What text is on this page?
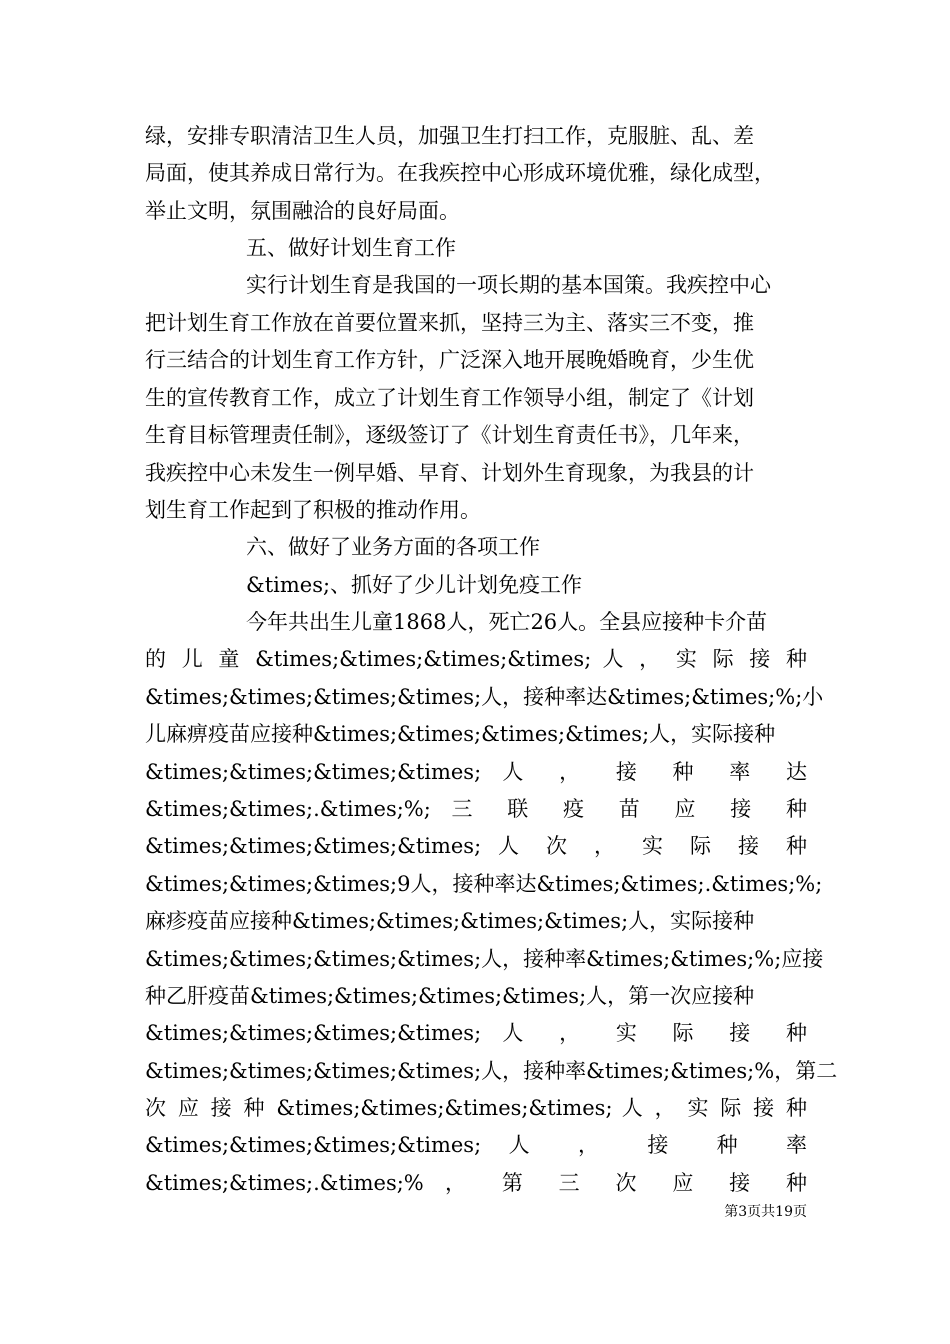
绿，安排专职清洁卫生人员，加强卫生打扫工作，克服脏、乱、差
局面，使其养成日常行为。在我疾控中心形成环境优雅，绿化成型，
举止文明，氛围融洽的良好局面。
五、做好计划生育工作
实行计划生育是我国的一项长期的基本国策。我疾控中心
把计划生育工作放在首要位置来抓，坚持三为主、落实三不变，推
行三结合的计划生育工作方针，广泛深入地开展晚婚晚育，少生优
生的宣传教育工作，成立了计划生育工作领导小组，制定了《计划
生育目标管理责任制》，逐级签订了《计划生育责任书》，几年来，
我疾控中心未发生一例早婚、早育、计划外生育现象，为我县的计
划生育工作起到了积极的推动作用。
六、做好了业务方面的各项工作
&times;、抓好了少儿计划免疫工作
今年共出生儿童1868人，死亡26人。全县应接种卡介苗
的 儿 童 &times;&times;&times;&times; 人 ， 实 际 接 种
&times;&times;&times;&times;人，接种率达&times;&times;%;小
儿麻痹疫苗应接种&times;&times;&times;&times;人，实际接种
&times;&times;&times;&times; 人 ， 接 种 率 达
&times;&times;.&times;%; 三 联 疫 苗 应 接 种
&times;&times;&times;&times; 人 次 ， 实 际 接 种
&times;&times;&times;9人，接种率达&times;&times;.&times;%;
麻疹疫苗应接种&times;&times;&times;&times;人，实际接种
&times;&times;&times;&times;人，接种率&times;&times;%;应接
种乙肝疫苗&times;&times;&times;&times;人，第一次应接种
&times;&times;&times;&times; 人 ， 实 际 接 种
&times;&times;&times;&times;人，接种率&times;&times;%，第二
次 应 接 种 &times;&times;&times;&times; 人 ， 实 际 接 种
&times;&times;&times;&times; 人 ， 接 种 率
&times;&times;.&times;% ， 第 三 次 应 接 种
第3页共19页
